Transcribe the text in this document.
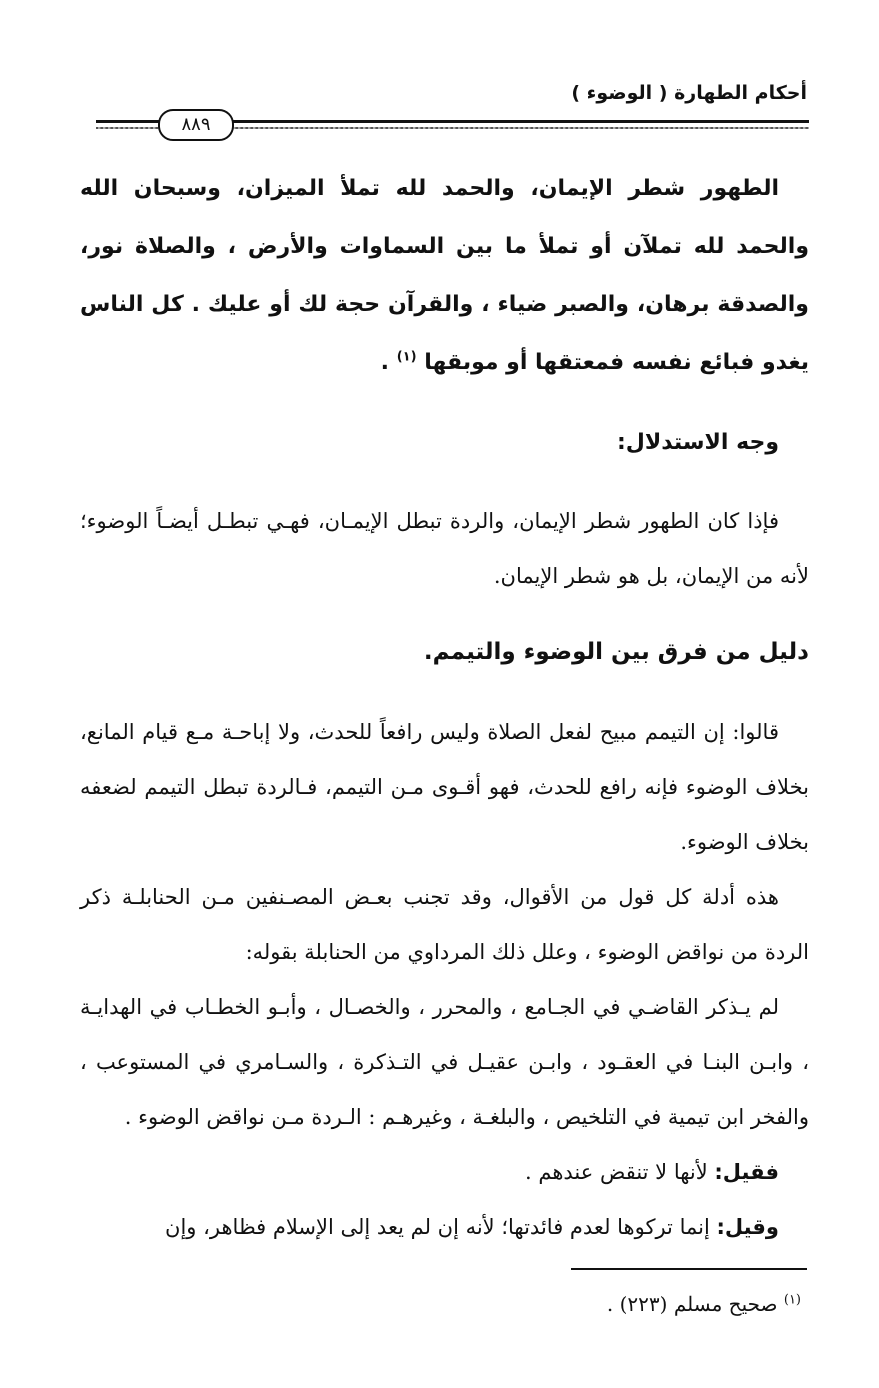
أحكام الطهارة ( الوضوء )
٨٨٩

الطهور شطر الإيمان، والحمد لله تملأ الميزان، وسبحان الله والحمد لله تملآن أو تملأ ما بين السماوات والأرض ، والصلاة نور، والصدقة برهان، والصبر ضياء ، والقرآن حجة لك أو عليك . كل الناس يغدو فبائع نفسه فمعتقها أو موبقها $^{(١)}$ .

وجه الاستدلال:

فإذا كان الطهور شطر الإيمان، والردة تبطل الإيمـان، فهـي تبطـل أيضـاً الوضوء؛ لأنه من الإيمان، بل هو شطر الإيمان.

دليل من فرق بين الوضوء والتيمم.

قالوا: إن التيمم مبيح لفعل الصلاة وليس رافعاً للحدث، ولا إباحـة مـع قيام المانع، بخلاف الوضوء فإنه رافع للحدث، فهو أقـوى مـن التيمم، فـالردة تبطل التيمم لضعفه بخلاف الوضوء.

هذه أدلة كل قول من الأقوال، وقد تجنب بعـض المصـنفين مـن الحنابلـة ذكر الردة من نواقض الوضوء ، وعلل ذلك المرداوي من الحنابلة بقوله:

لم يـذكر القاضـي في الجـامع ، والمحرر ، والخصـال ، وأبـو الخطـاب في الهدايـة ، وابـن البنـا في العقـود ، وابـن عقيـل في التـذكرة ، والسـامري في المستوعب ، والفخر ابن تيمية في التلخيص ، والبلغـة ، وغيرهـم : الـردة مـن نواقض الوضوء .

فقيل: لأنها لا تنقض عندهم .

وقيل: إنما تركوها لعدم فائدتها؛ لأنه إن لم يعد إلى الإسلام فظاهر، وإن

$^{(١)}$ صحيح مسلم (٢٢٣) .
